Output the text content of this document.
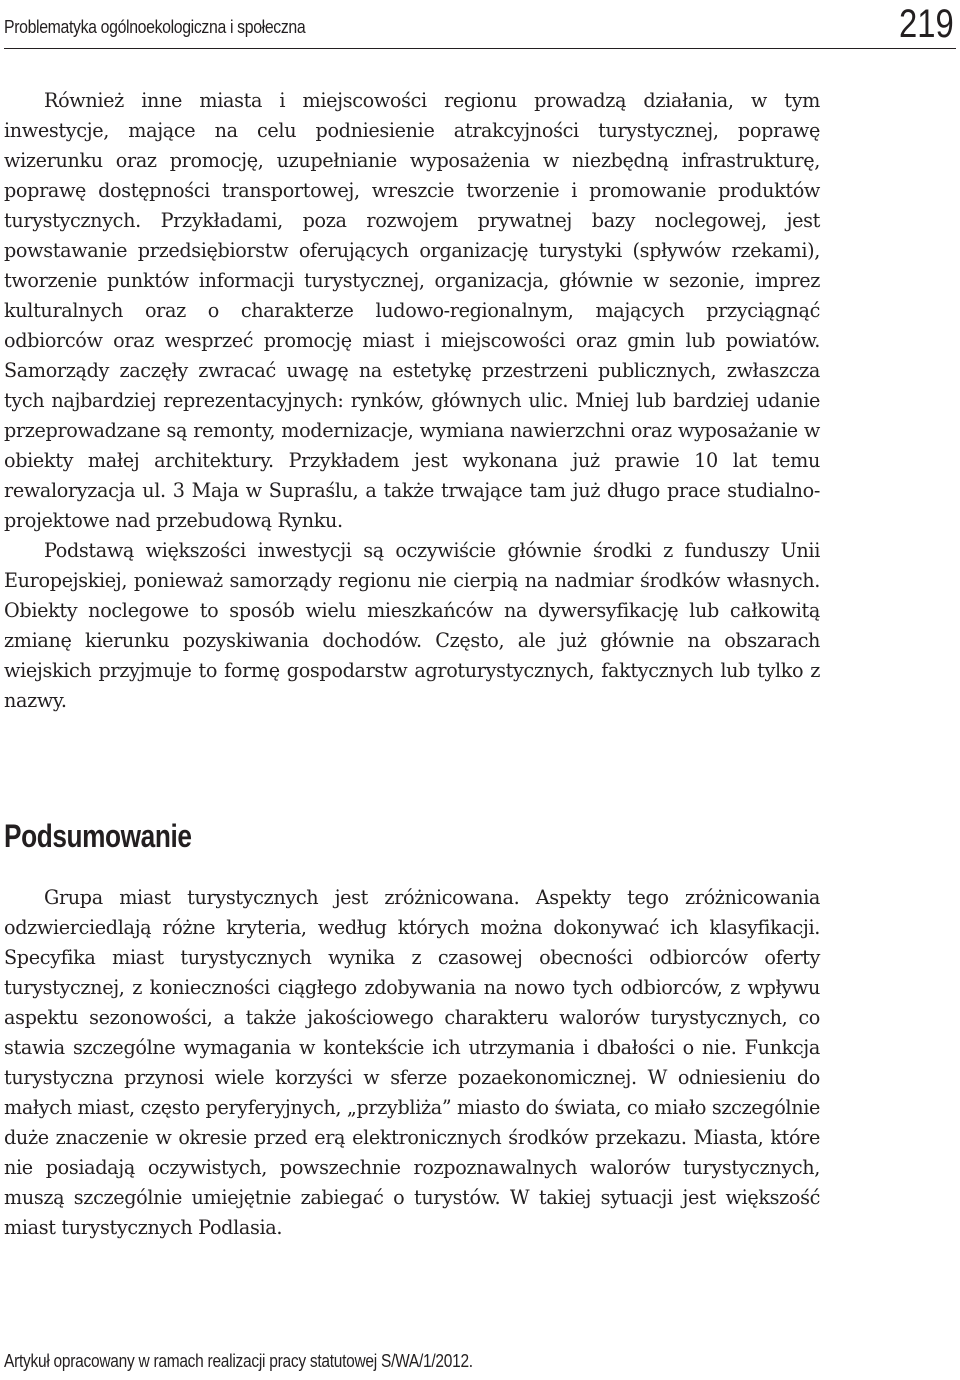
Problematyka ogólnoekologiczna i społeczna	219

Również inne miasta i miejscowości regionu prowadzą działania, w tym inwestycje, mające na celu podniesienie atrakcyjności turystycznej, poprawę wizerunku oraz promocję, uzupełnianie wyposażenia w niezbędną infrastrukturę, poprawę dostępności transportowej, wreszcie tworzenie i promowanie produktów turystycznych. Przykładami, poza rozwojem prywatnej bazy noclegowej, jest powstawanie przedsiębiorstw oferujących organizację turystyki (spływów rzekami), tworzenie punktów informacji turystycznej, organizacja, głównie w sezonie, imprez kulturalnych oraz o charakterze ludowo-regionalnym, mających przyciągnąć odbiorców oraz wesprzeć promocję miast i miejscowości oraz gmin lub powiatów. Samorządy zaczęły zwracać uwagę na estetykę przestrzeni publicznych, zwłaszcza tych najbardziej reprezentacyjnych: rynków, głównych ulic. Mniej lub bardziej udanie przeprowadzane są remonty, modernizacje, wymiana nawierzchni oraz wyposażanie w obiekty małej architektury. Przykładem jest wykonana już prawie 10 lat temu rewaloryzacja ul. 3 Maja w Supraślu, a także trwające tam już długo prace studialno-projektowe nad przebudową Rynku.

Podstawą większości inwestycji są oczywiście głównie środki z funduszy Unii Europejskiej, ponieważ samorządy regionu nie cierpią na nadmiar środków własnych. Obiekty noclegowe to sposób wielu mieszkańców na dywersyfikację lub całkowitą zmianę kierunku pozyskiwania dochodów. Często, ale już głównie na obszarach wiejskich przyjmuje to formę gospodarstw agroturystycznych, faktycznych lub tylko z nazwy.

Podsumowanie

Grupa miast turystycznych jest zróżnicowana. Aspekty tego zróżnicowania odzwierciedlają różne kryteria, według których można dokonywać ich klasyfikacji. Specyfika miast turystycznych wynika z czasowej obecności odbiorców oferty turystycznej, z konieczności ciągłego zdobywania na nowo tych odbiorców, z wpływu aspektu sezonowości, a także jakościowego charakteru walorów turystycznych, co stawia szczególne wymagania w kontekście ich utrzymania i dbałości o nie. Funkcja turystyczna przynosi wiele korzyści w sferze pozaekonomicznej. W odniesieniu do małych miast, często peryferyjnych, „przybliża” miasto do świata, co miało szczególnie duże znaczenie w okresie przed erą elektronicznych środków przekazu. Miasta, które nie posiadają oczywistych, powszechnie rozpoznawalnych walorów turystycznych, muszą szczególnie umiejętnie zabiegać o turystów. W takiej sytuacji jest większość miast turystycznych Podlasia.

Artykuł opracowany w ramach realizacji pracy statutowej S/WA/1/2012.
